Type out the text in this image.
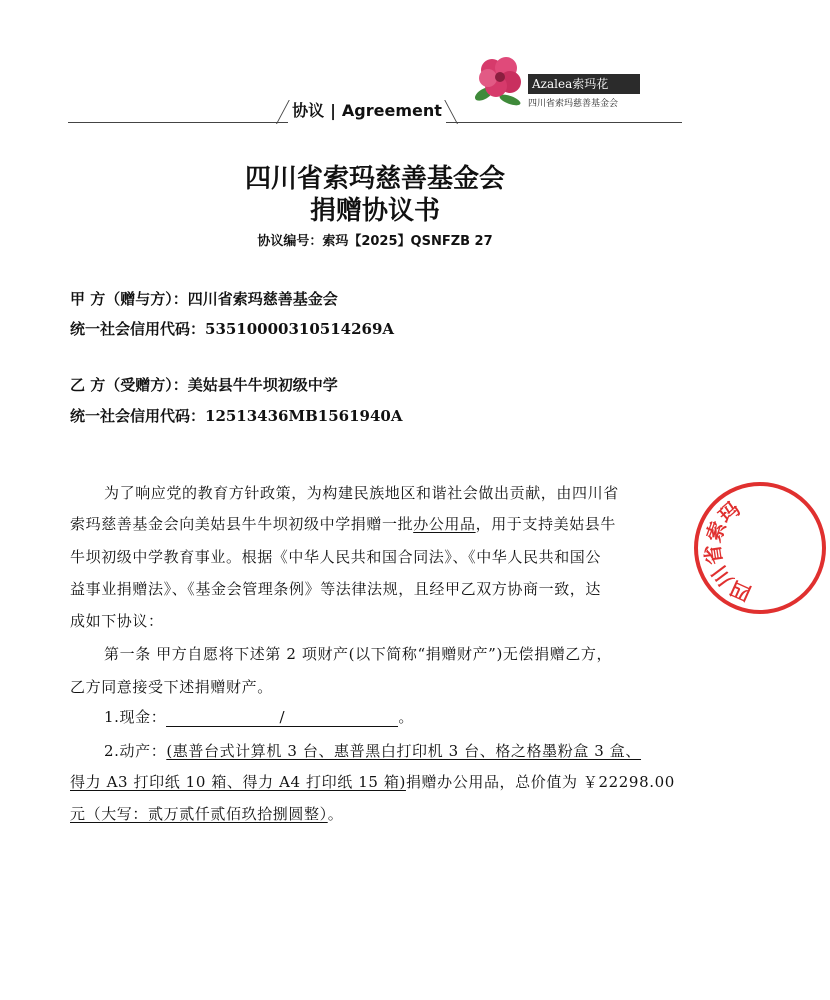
Azalea索玛花
四川省索玛慈善基金会
协议 | Agreement
四川省索玛慈善基金会
捐赠协议书
协议编号：索玛【2025】QSNFZB 27
甲 方（赠与方）：四川省索玛慈善基金会
统一社会信用代码：53510000310514269A
乙 方（受赠方）：美姑县牛牛坝初级中学
统一社会信用代码：12513436MB1561940A
为了响应党的教育方针政策，为构建民族地区和谐社会做出贡献，由四川省
索玛慈善基金会向美姑县牛牛坝初级中学捐赠一批办公用品，用于支持美姑县牛
牛坝初级中学教育事业。根据《中华人民共和国合同法》、《中华人民共和国公
益事业捐赠法》、《基金会管理条例》等法律法规，且经甲乙双方协商一致，达
成如下协议：
第一条 甲方自愿将下述第 2 项财产(以下简称“捐赠财产”)无偿捐赠乙方，
乙方同意接受下述捐赠财产。
1.现金：	/	。
2.动产：(惠普台式计算机 3 台、惠普黑白打印机 3 台、格之格墨粉盒 3 盒、
得力 A3 打印纸 10 箱、得力 A4 打印纸 15 箱)捐赠办公用品，总价值为 ￥22298.00
元（大写：贰万贰仟贰佰玖拾捌圆整）。
四川省索玛
